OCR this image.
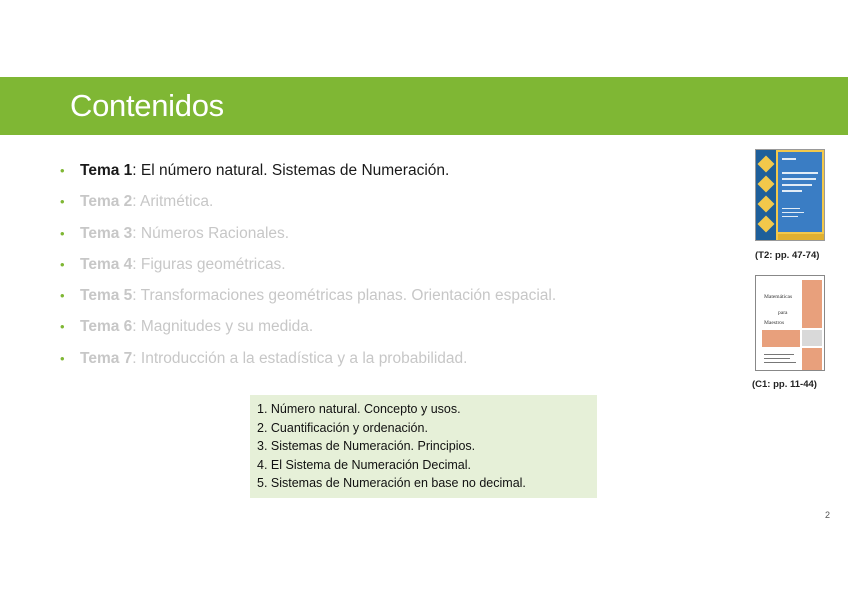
Contenidos
• Tema 1: El número natural. Sistemas de Numeración.
• Tema 2: Aritmética.
• Tema 3: Números Racionales.
• Tema 4: Figuras geométricas.
• Tema 5: Transformaciones geométricas planas. Orientación espacial.
• Tema 6: Magnitudes y su medida.
• Tema 7: Introducción a la estadística y a la probabilidad.
1. Número natural. Concepto y usos.
2. Cuantificación y ordenación.
3. Sistemas de Numeración. Principios.
4. El Sistema de Numeración Decimal.
5. Sistemas de Numeración en base no decimal.
(T2: pp. 47-74)
Matemáticas
para
Maestros
(C1: pp. 11-44)
2
